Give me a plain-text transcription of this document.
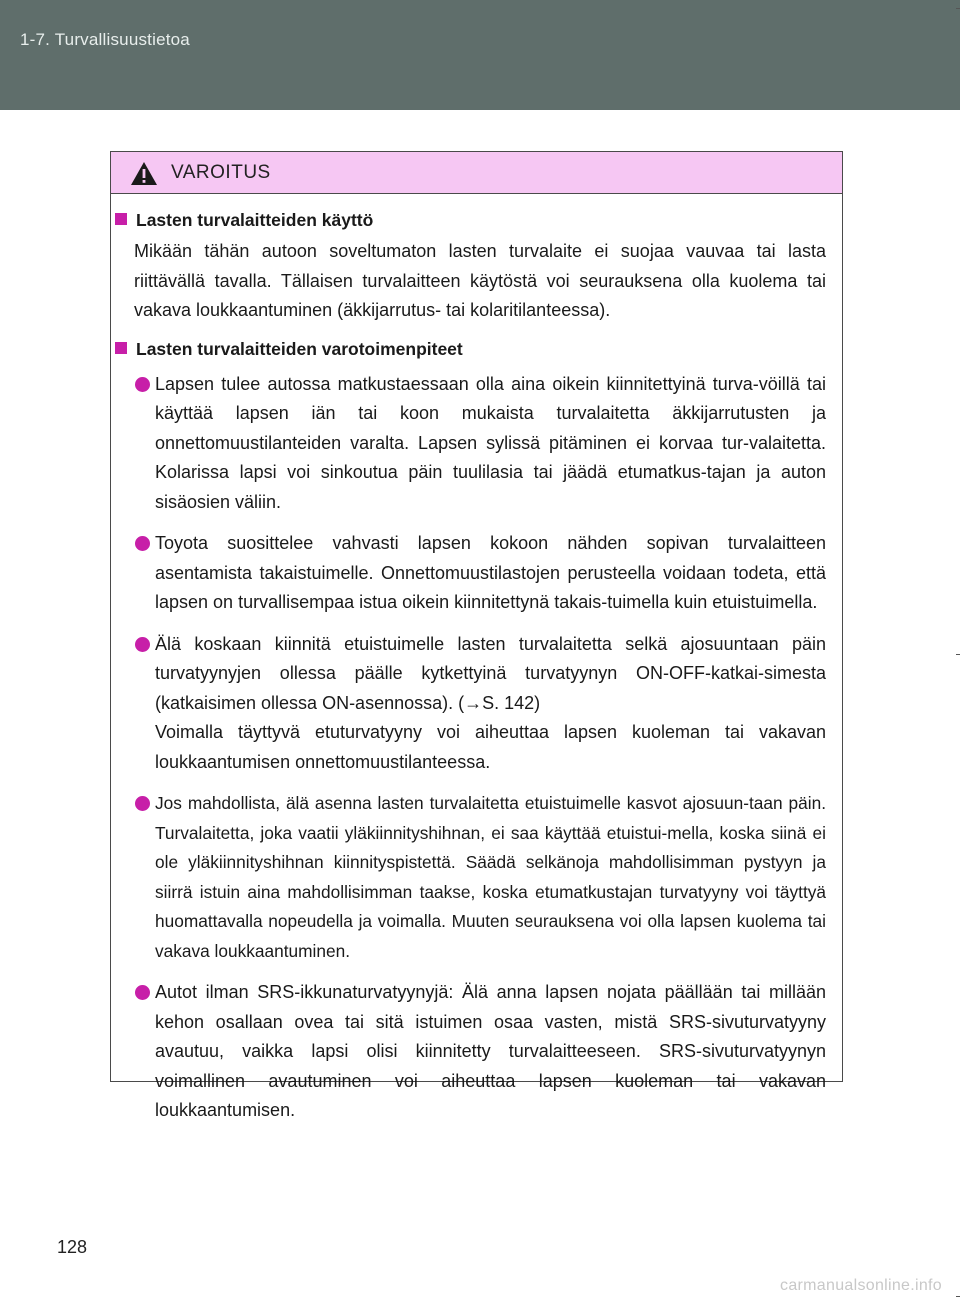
1-7. Turvallisuustietoa
VAROITUS
Lasten turvalaitteiden käyttö
Mikään tähän autoon soveltumaton lasten turvalaite ei suojaa vauvaa tai lasta riittävällä tavalla. Tällaisen turvalaitteen käytöstä voi seurauksena olla kuolema tai vakava loukkaantuminen (äkkijarrutus- tai kolaritilanteessa).
Lasten turvalaitteiden varotoimenpiteet
Lapsen tulee autossa matkustaessaan olla aina oikein kiinnitettyinä turva-vöillä tai käyttää lapsen iän tai koon mukaista turvalaitetta äkkijarrutusten ja onnettomuustilanteiden varalta. Lapsen sylissä pitäminen ei korvaa tur-valaitetta. Kolarissa lapsi voi sinkoutua päin tuulilasia tai jäädä etumatkus-tajan ja auton sisäosien väliin.
Toyota suosittelee vahvasti lapsen kokoon nähden sopivan turvalaitteen asentamista takaistuimelle. Onnettomuustilastojen perusteella voidaan todeta, että lapsen on turvallisempaa istua oikein kiinnitettynä takais-tuimella kuin etuistuimella.
Älä koskaan kiinnitä etuistuimelle lasten turvalaitetta selkä ajosuuntaan päin turvatyynyjen ollessa päälle kytkettyinä turvatyynyn ON-OFF-katkai-simesta (katkaisimen ollessa ON-asennossa). (→S. 142)
Voimalla täyttyvä etuturvatyyny voi aiheuttaa lapsen kuoleman tai vakavan loukkaantumisen onnettomuustilanteessa.
Jos mahdollista, älä asenna lasten turvalaitetta etuistuimelle kasvot ajosuun-taan päin. Turvalaitetta, joka vaatii yläkiinnityshihnan, ei saa käyttää etuistui-mella, koska siinä ei ole yläkiinnityshihnan kiinnityspistettä. Säädä selkänoja mahdollisimman pystyyn ja siirrä istuin aina mahdollisimman taakse, koska etumatkustajan turvatyyny voi täyttyä huomattavalla nopeudella ja voimalla. Muuten seurauksena voi olla lapsen kuolema tai vakava loukkaantuminen.
Autot ilman SRS-ikkunaturvatyynyjä: Älä anna lapsen nojata päällään tai millään kehon osallaan ovea tai sitä istuimen osaa vasten, mistä SRS-sivuturvatyyny avautuu, vaikka lapsi olisi kiinnitetty turvalaitteeseen. SRS-sivuturvatyynyn voimallinen avautuminen voi aiheuttaa lapsen kuoleman tai vakavan loukkaantumisen.
128
carmanualsonline.info
